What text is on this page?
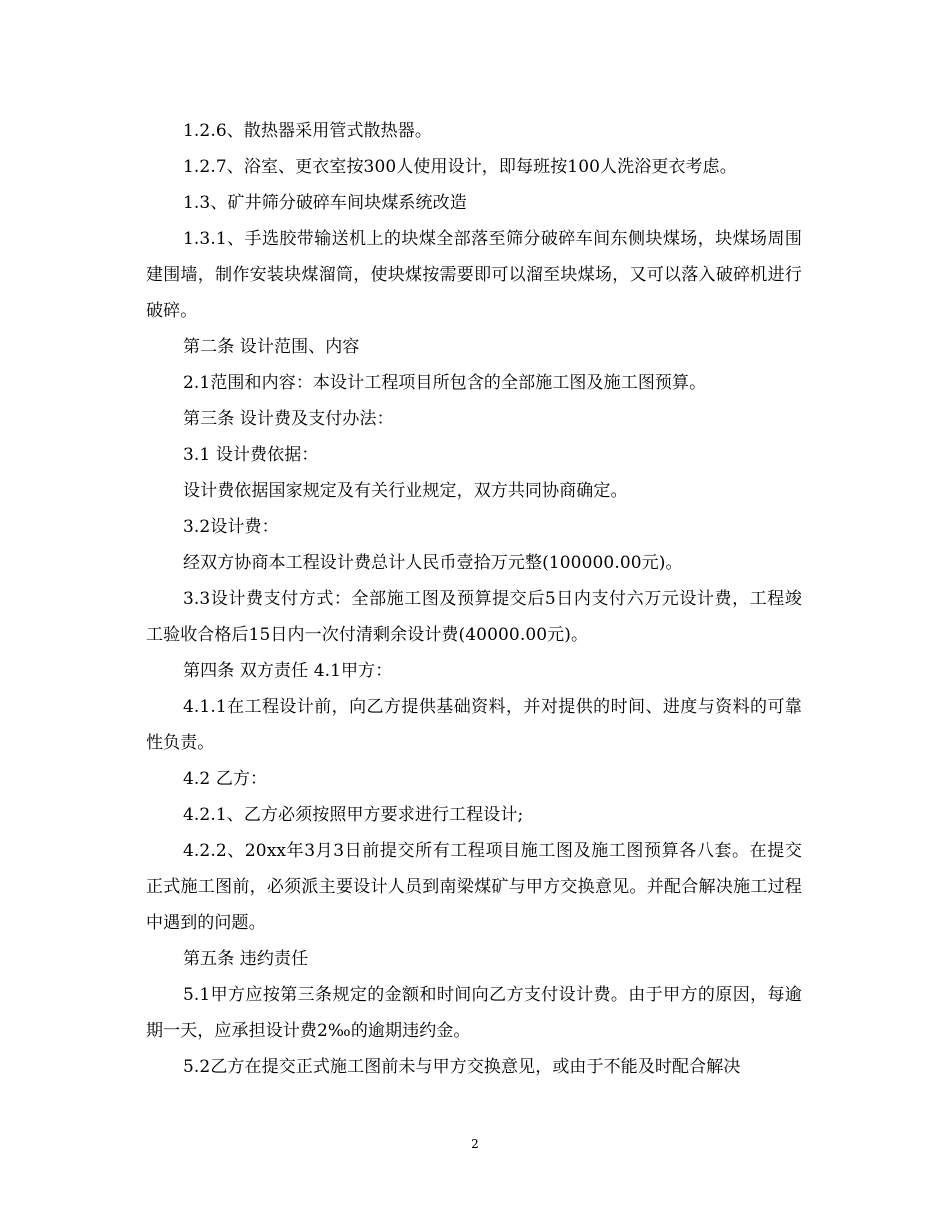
1.2.6、散热器采用管式散热器。

1.2.7、浴室、更衣室按300人使用设计，即每班按100人洗浴更衣考虑。

1.3、矿井筛分破碎车间块煤系统改造

1.3.1、手选胶带输送机上的块煤全部落至筛分破碎车间东侧块煤场，块煤场周围建围墙，制作安装块煤溜筒，使块煤按需要即可以溜至块煤场，又可以落入破碎机进行破碎。

第二条 设计范围、内容

2.1范围和内容：本设计工程项目所包含的全部施工图及施工图预算。

第三条 设计费及支付办法：

3.1 设计费依据：

设计费依据国家规定及有关行业规定，双方共同协商确定。

3.2设计费：

经双方协商本工程设计费总计人民币壹拾万元整(100000.00元)。

3.3设计费支付方式：全部施工图及预算提交后5日内支付六万元设计费，工程竣工验收合格后15日内一次付清剩余设计费(40000.00元)。

第四条 双方责任 4.1甲方：

4.1.1在工程设计前，向乙方提供基础资料，并对提供的时间、进度与资料的可靠性负责。

4.2 乙方：

4.2.1、乙方必须按照甲方要求进行工程设计;

4.2.2、20xx年3月3日前提交所有工程项目施工图及施工图预算各八套。在提交正式施工图前，必须派主要设计人员到南梁煤矿与甲方交换意见。并配合解决施工过程中遇到的问题。

第五条 违约责任

5.1甲方应按第三条规定的金额和时间向乙方支付设计费。由于甲方的原因，每逾期一天，应承担设计费2‰的逾期违约金。

5.2乙方在提交正式施工图前未与甲方交换意见，或由于不能及时配合解决

2
